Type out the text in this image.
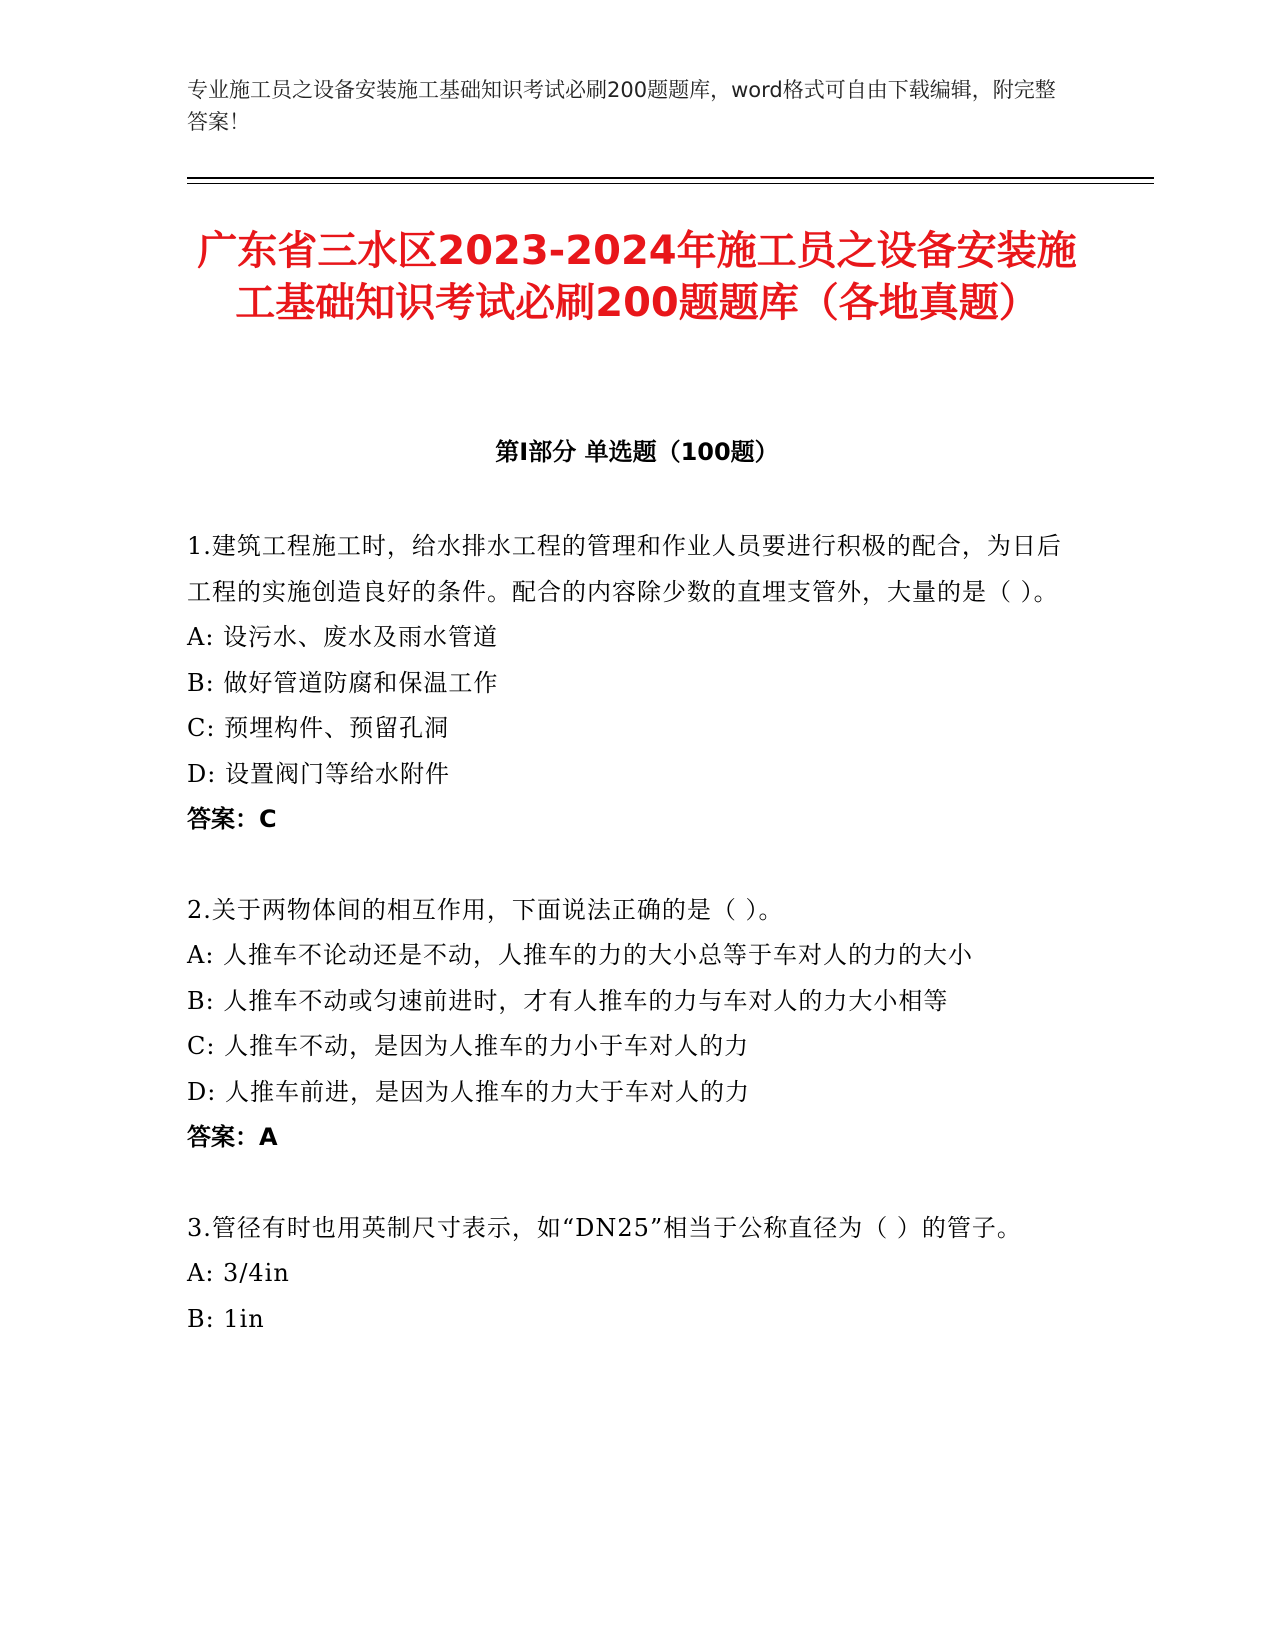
专业施工员之设备安装施工基础知识考试必刷200题题库，word格式可自由下载编辑，附完整答案！
广东省三水区2023-2024年施工员之设备安装施工基础知识考试必刷200题题库（各地真题）
第Ⅰ部分 单选题（100题）

1.建筑工程施工时，给水排水工程的管理和作业人员要进行积极的配合，为日后工程的实施创造良好的条件。配合的内容除少数的直埋支管外，大量的是（ ）。

A: 设污水、废水及雨水管道

B: 做好管道防腐和保温工作

C: 预埋构件、预留孔洞

D: 设置阀门等给水附件

答案：C

2.关于两物体间的相互作用，下面说法正确的是（ ）。

A: 人推车不论动还是不动，人推车的力的大小总等于车对人的力的大小

B: 人推车不动或匀速前进时，才有人推车的力与车对人的力大小相等

C: 人推车不动，是因为人推车的力小于车对人的力

D: 人推车前进，是因为人推车的力大于车对人的力

答案：A

3.管径有时也用英制尺寸表示，如“DN25”相当于公称直径为（ ）的管子。

A: 3/4in

B: 1in
